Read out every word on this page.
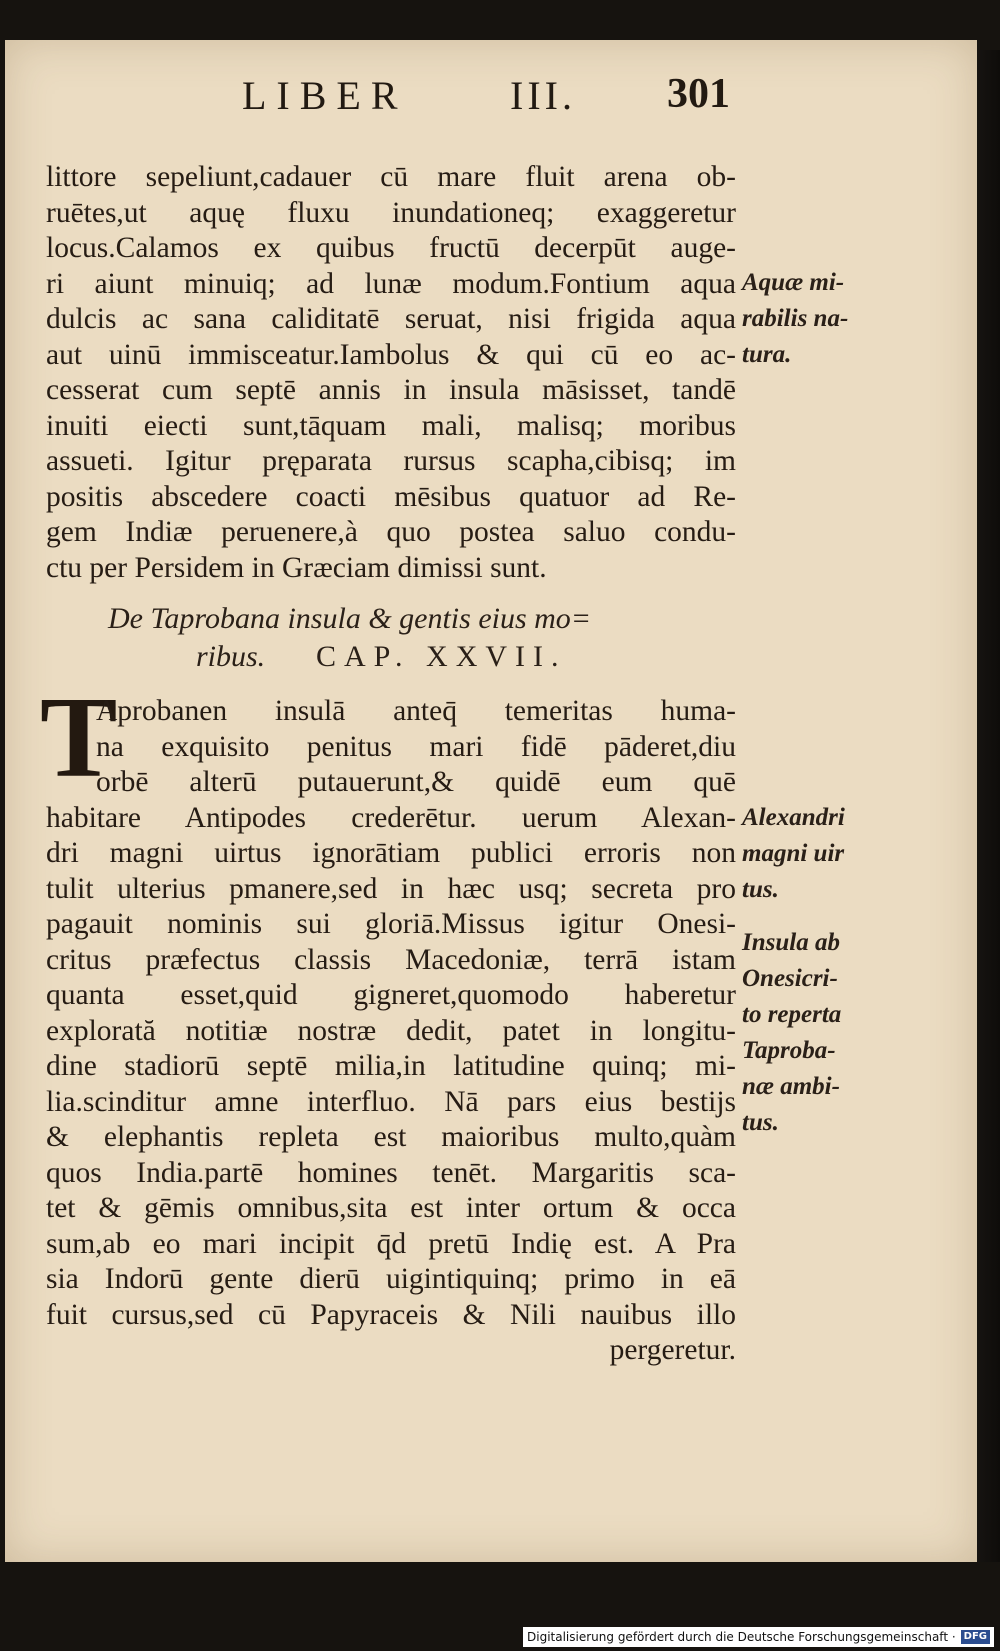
LIBER	III. 301
littore sepeliunt,cadauer cū mare fluit arena ob-
ruētes,ut aquę fluxu inundationeq; exaggeretur
locus.Calamos ex quibus fructū decerpūt auge-
ri aiunt minuiq; ad lunæ modum.Fontium aqua
dulcis ac sana caliditatē seruat, nisi frigida aqua
aut uinū immisceatur.Iambolus & qui cū eo ac-
cesserat cum septē annis in insula māsisset, tandē
inuiti eiecti sunt,tāquam mali, malisq; moribus
assueti. Igitur pręparata rursus scapha,cibisq; im
positis abscedere coacti mēsibus quatuor ad Re-
gem Indiæ peruenere,à quo postea saluo condu-
ctu per Persidem in Græciam dimissi sunt.
De Taprobana insula & gentis eius mo=
ribus. CAP. XXVII.
T
Aprobanen insulā anteq̄ temeritas huma-
na exquisito penitus mari fidē pāderet,diu
orbē alterū putauerunt,& quidē eum quē
habitare Antipodes crederētur. uerum Alexan-
dri magni uirtus ignorātiam publici erroris non
tulit ulterius pmanere,sed in hæc usq; secreta pro
pagauit nominis sui gloriā.Missus igitur Onesi-
critus præfectus classis Macedoniæ, terrā istam
quanta esset,quid gigneret,quomodo haberetur
explorată notitiæ nostræ dedit, patet in longitu-
dine stadiorū septē milia,in latitudine quinq; mi-
lia.scinditur amne interfluo. Nā pars eius bestijs
& elephantis repleta est maioribus multo,quàm
quos India.partē homines tenēt. Margaritis sca-
tet & gēmis omnibus,sita est inter ortum & occa
sum,ab eo mari incipit q̄d pretū Indię est. A Pra
sia Indorū gente dierū uigintiquinq; primo in eā
fuit cursus,sed cū Papyraceis & Nili nauibus illo
pergeretur.
Aquæ mi-
rabilis na-
tura.
Alexandri
magni uir
tus.
Insula ab
Onesicri-
to reperta
Taproba-
næ ambi-
tus.
Digitalisierung gefördert durch die Deutsche Forschungsgemeinschaft · DFG
